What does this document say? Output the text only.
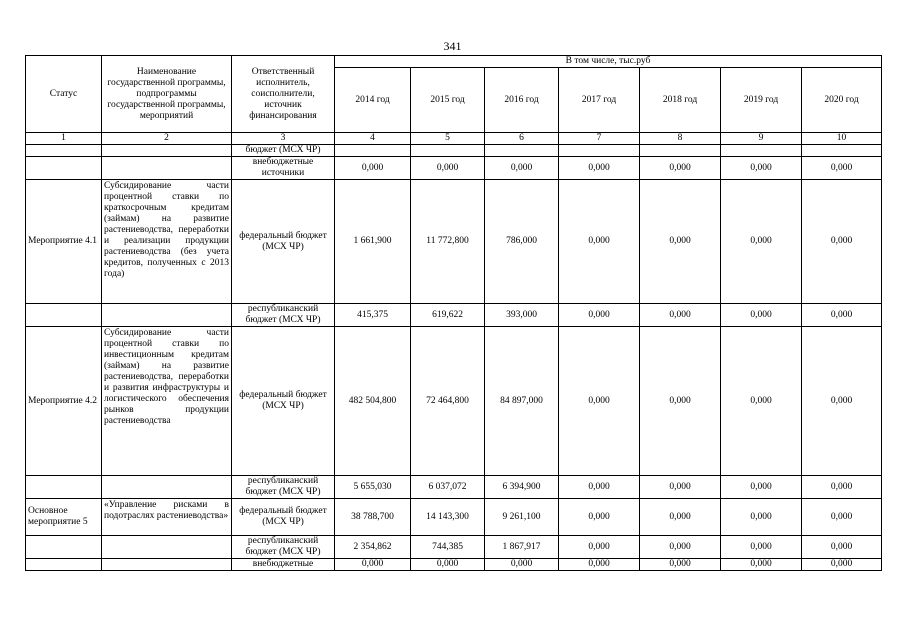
341
Статус	Наименование государственной программы, подпрограммы государственной программы, мероприятий	Ответственный исполнитель, соисполнители, источник финансирования	В том числе, тыс.руб						
			2014 год	2015 год	2016 год	2017 год	2018 год	2019 год	2020 год
1	2	3	4	5	6	7	8	9	10
		бюджет (МСХ ЧР)							
		внебюджетные источники	0,000	0,000	0,000	0,000	0,000	0,000	0,000
Мероприятие 4.1	Субсидирование части процентной ставки по краткосрочным кредитам (займам) на развитие растениеводства, переработки и реализации продукции растениеводства (без учета кредитов, полученных с 2013 года)	федеральный бюджет (МСХ ЧР)	1 661,900	11 772,800	786,000	0,000	0,000	0,000	0,000
		республиканский бюджет (МСХ ЧР)	415,375	619,622	393,000	0,000	0,000	0,000	0,000
Мероприятие 4.2	Субсидирование части процентной ставки по инвестиционным кредитам (займам) на развитие растениеводства, переработки и развития инфраструктуры и логистического обеспечения рынков продукции растениеводства	федеральный бюджет (МСХ ЧР)	482 504,800	72 464,800	84 897,000	0,000	0,000	0,000	0,000
		республиканский бюджет (МСХ ЧР)	5 655,030	6 037,072	6 394,900	0,000	0,000	0,000	0,000
Основное мероприятие 5	«Управление рисками в подотраслях растениеводства»	федеральный бюджет (МСХ ЧР)	38 788,700	14 143,300	9 261,100	0,000	0,000	0,000	0,000
		республиканский бюджет (МСХ ЧР)	2 354,862	744,385	1 867,917	0,000	0,000	0,000	0,000
		внебюджетные	0,000	0,000	0,000	0,000	0,000	0,000	0,000
